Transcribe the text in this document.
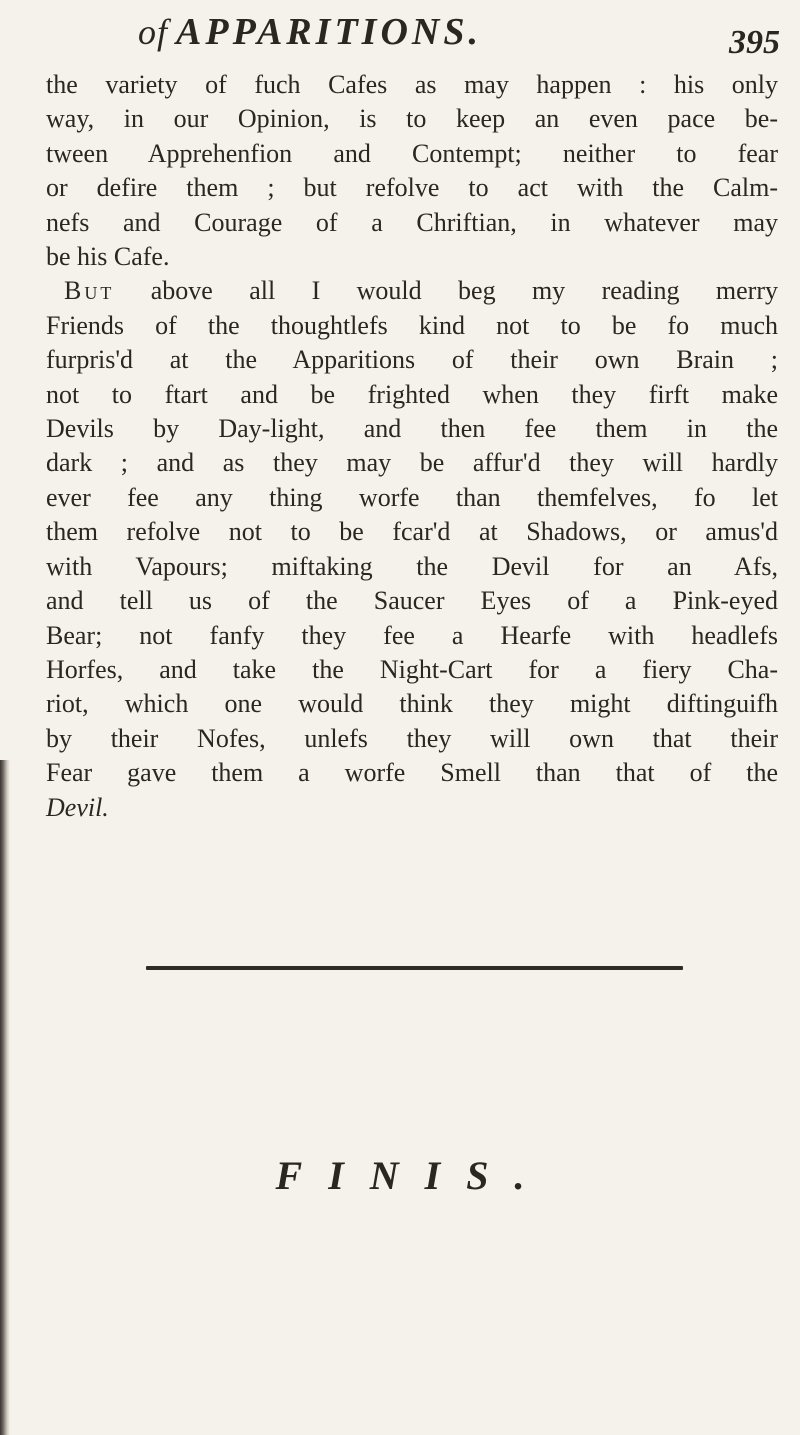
of APPARITIONS.	395
the variety of fuch Cafes as may happen : his only
way, in our Opinion, is to keep an even pace be-
tween Apprehenfion and Contempt; neither to fear
or defire them ; but refolve to act with the Calm-
nefs and Courage of a Chriftian, in whatever may
be his Cafe.
But above all I would beg my reading merry
Friends of the thoughtlefs kind not to be fo much
furpris'd at the Apparitions of their own Brain ;
not to ftart and be frighted when they firft make
Devils by Day-light, and then fee them in the
dark ; and as they may be affur'd they will hardly
ever fee any thing worfe than themfelves, fo let
them refolve not to be fcar'd at Shadows, or amus'd
with Vapours; miftaking the Devil for an Afs,
and tell us of the Saucer Eyes of a Pink-eyed
Bear; not fanfy they fee a Hearfe with headlefs
Horfes, and take the Night-Cart for a fiery Cha-
riot, which one would think they might diftinguifh
by their Nofes, unlefs they will own that their
Fear gave them a worfe Smell than that of the
Devil.
FINIS.
